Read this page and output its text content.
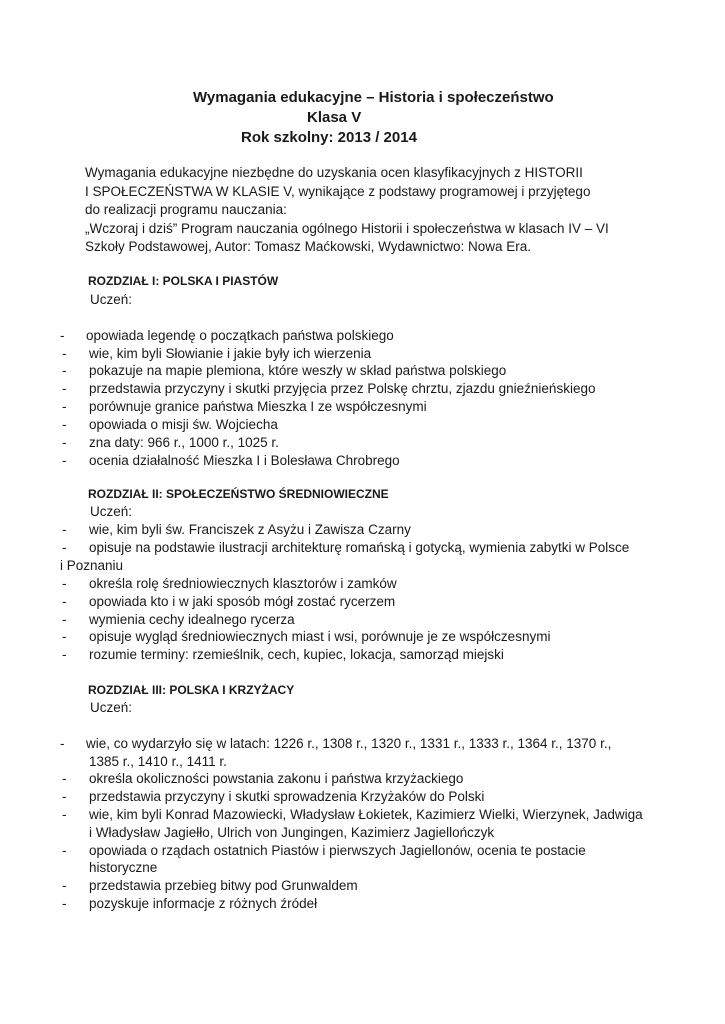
Wymagania edukacyjne – Historia i społeczeństwo
Klasa V
Rok szkolny: 2013 / 2014
Wymagania edukacyjne niezbędne do uzyskania ocen klasyfikacyjnych z HISTORII
I SPOŁECZEŃSTWA W KLASIE V, wynikające z podstawy programowej i przyjętego
do realizacji programu nauczania:
„Wczoraj i dziś” Program nauczania ogólnego Historii i społeczeństwa w klasach IV – VI
Szkoły Podstawowej, Autor: Tomasz Maćkowski, Wydawnictwo: Nowa Era.
ROZDZIAŁ I: POLSKA I PIASTÓW
Uczeń:
- opowiada legendę o początkach państwa polskiego
- wie, kim byli Słowianie i jakie były ich wierzenia
- pokazuje na mapie plemiona, które weszły w skład państwa polskiego
- przedstawia przyczyny i skutki przyjęcia przez Polskę chrztu, zjazdu gnieźnieńskiego
- porównuje granice państwa Mieszka I ze współczesnymi
- opowiada o misji św. Wojciecha
- zna daty: 966 r., 1000 r., 1025 r.
- ocenia działalność Mieszka I i Bolesława Chrobrego
ROZDZIAŁ II: SPOŁECZEŃSTWO ŚREDNIOWIECZNE
Uczeń:
- wie, kim byli św. Franciszek z Asyżu i Zawisza Czarny
- opisuje na podstawie ilustracji architekturę romańską i gotycką, wymienia zabytki w Polsce
i Poznaniu
- określa rolę średniowiecznych klasztorów i zamków
- opowiada kto i w jaki sposób mógł zostać rycerzem
- wymienia cechy idealnego rycerza
- opisuje wygląd średniowiecznych miast i wsi, porównuje je ze współczesnymi
- rozumie terminy: rzemieślnik, cech, kupiec, lokacja, samorząd miejski
ROZDZIAŁ III: POLSKA I KRZYŻACY
Uczeń:
- wie, co wydarzyło się w latach: 1226 r., 1308 r., 1320 r., 1331 r., 1333 r., 1364 r., 1370 r.,
1385 r., 1410 r., 1411 r.
- określa okoliczności powstania zakonu i państwa krzyżackiego
- przedstawia przyczyny i skutki sprowadzenia Krzyżaków do Polski
- wie, kim byli Konrad Mazowiecki, Władysław Łokietek, Kazimierz Wielki, Wierzynek, Jadwiga
i Władysław Jagiełło, Ulrich von Jungingen, Kazimierz Jagiellończyk
- opowiada o rządach ostatnich Piastów i pierwszych Jagiellonów, ocenia te postacie
historyczne
- przedstawia przebieg bitwy pod Grunwaldem
- pozyskuje informacje z różnych źródeł
